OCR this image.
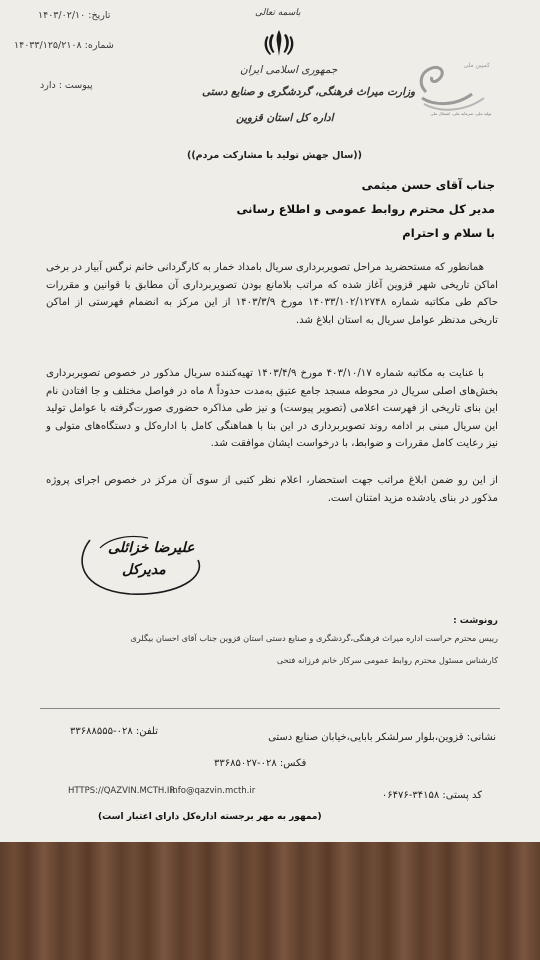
تاریخ: ۱۴۰۳/۰۲/۱۰
شماره: ۱۴۰۳۳/۱۲۵/۲۱۰۸
پیوست : دارد
باسمه تعالی
جمهوری اسلامی ایران
وزارت میراث فرهنگی، گردشگری و صنایع دستی
اداره کل استان قزوین
کمپین ملی
تولید ملی، سرمایه ملی، اشتغال ملی
((سال جهش تولید با مشارکت مردم))
جناب آقای حسن میثمی
مدیر کل محترم روابط عمومی و اطلاع رسانی
با سلام و احترام

همانطور که مستحضرید مراحل تصویربرداری سریال بامداد خمار به کارگردانی خانم نرگس آبیار در برخی اماکن تاریخی شهر قزوین آغاز شده که مراتب بلامانع بودن تصویربرداری آن مطابق با قوانین و مقررات حاکم طی مکاتبه شماره ۱۴۰۳۳/۱۰۲/۱۲۷۴۸ مورخ ۱۴۰۳/۳/۹ از این مرکز به انضمام فهرستی از اماکن تاریخی مدنظر عوامل سریال به استان ابلاغ شد.

با عنایت به مکاتبه شماره ۴۰۳/۱۰/۱۷ مورخ ۱۴۰۳/۴/۹ تهیه‌کننده سریال مذکور در خصوص تصویربرداری بخش‌های اصلی سریال در محوطه مسجد جامع عتیق به‌مدت حدوداً ۸ ماه در فواصل مختلف و جا افتادن نام این بنای تاریخی از فهرست اعلامی (تصویر پیوست) و نیز طی مذاکره حضوری صورت‌گرفته با عوامل تولید این سریال مبنی بر ادامه روند تصویربرداری در این بنا با هماهنگی کامل با اداره‌کل و دستگاه‌های متولی و نیز رعایت کامل مقررات و ضوابط، با درخواست ایشان موافقت شد.

از این رو ضمن ابلاغ مراتب جهت استحضار، اعلام نظر کتبی از سوی آن مرکز در خصوص اجرای پروژه مذکور در بنای یادشده مزید امتنان است.

علیرضا خزائلی
مدیرکل
رونوشت :
رییس محترم حراست اداره میراث فرهنگی،گردشگری و صنایع دستی استان قزوین جناب آقای احسان بیگلری
کارشناس مسئول محترم روابط عمومی سرکار خانم فرزانه فتحی
نشانی: قزوین،بلوار سرلشکر بابایی،خیابان صنایع دستی
تلفن: ۰۲۸-۳۳۶۸۸۵۵۵
فکس: ۰۲۸-۳۳۶۸۵۰۲۷
کد پستی: ۳۴۱۵۸-۰۶۴۷۶
HTTPS://QAZVIN.MCTH.IR
info@qazvin.mcth.ir
(ممهور به مهر برجسته اداره‌کل دارای اعتبار است)
